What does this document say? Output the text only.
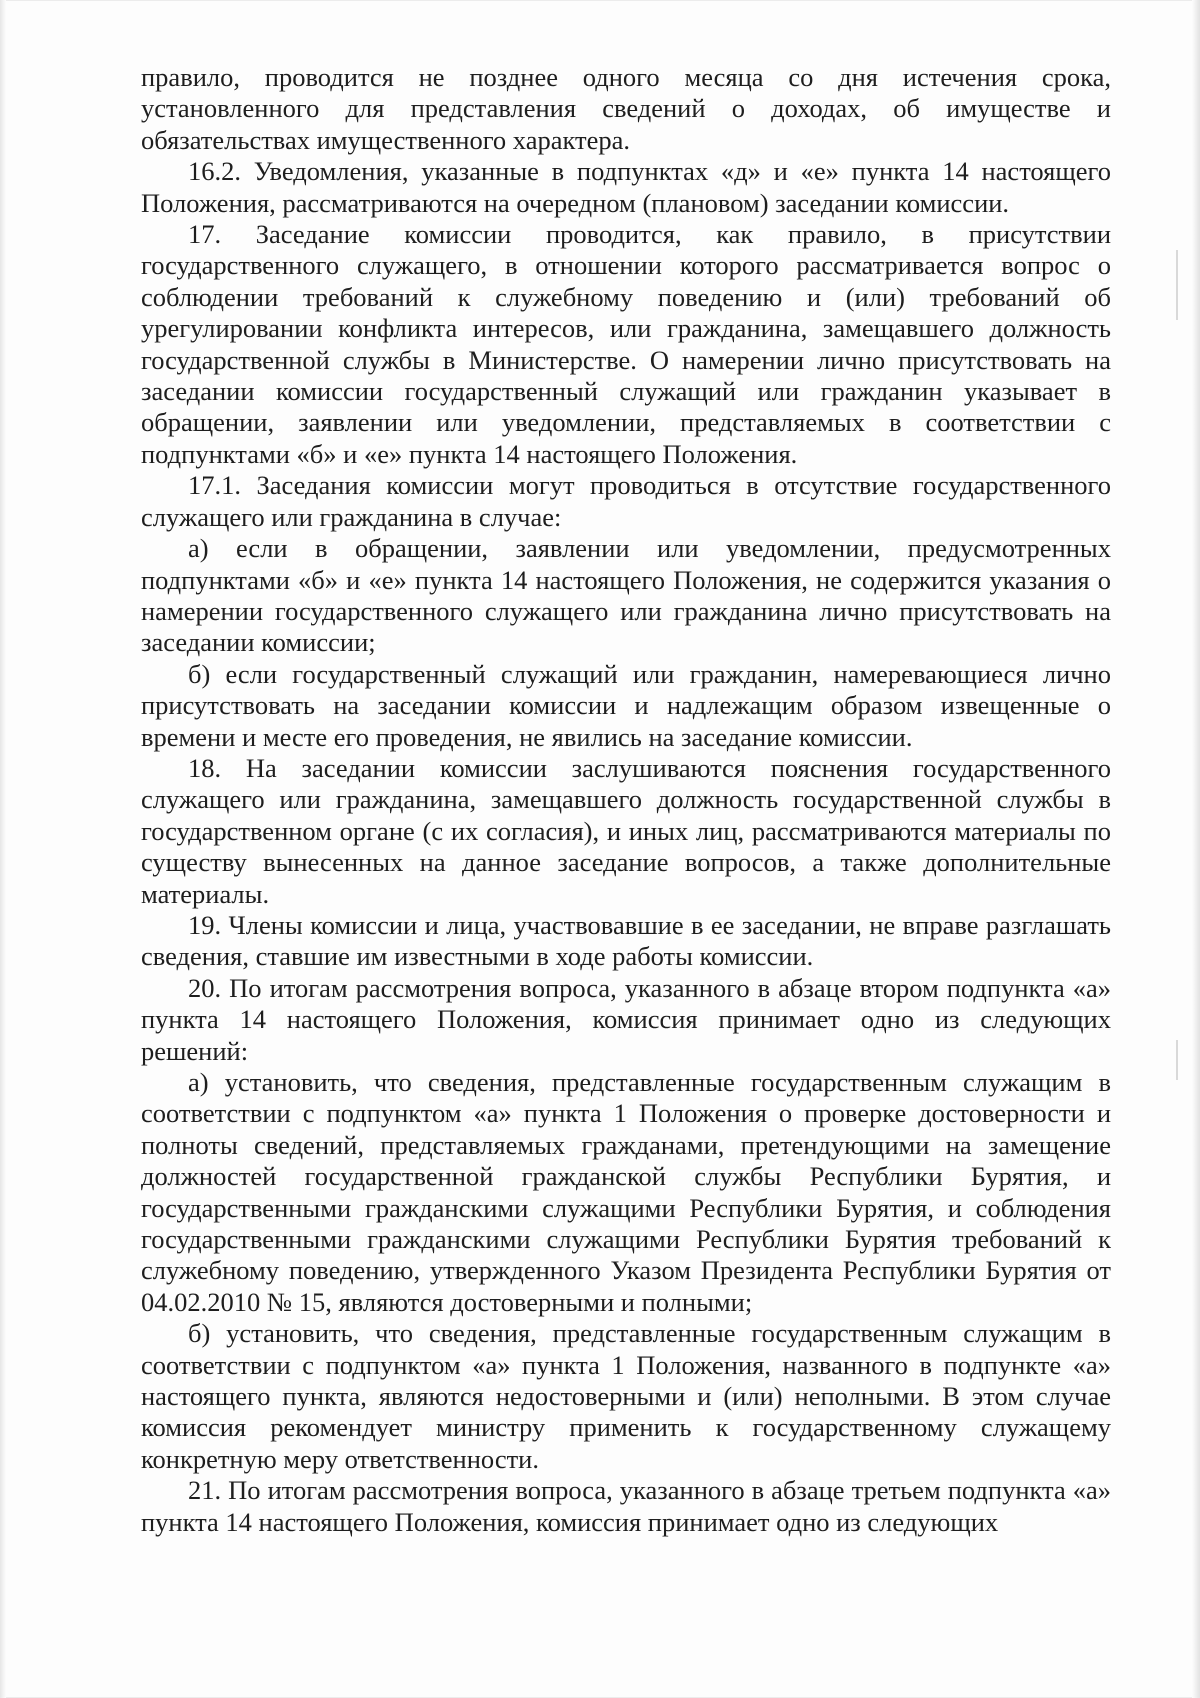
правило, проводится не позднее одного месяца со дня истечения срока, установленного для представления сведений о доходах, об имуществе и обязательствах имущественного характера.

16.2. Уведомления, указанные в подпунктах «д» и «е» пункта 14 настоящего Положения, рассматриваются на очередном (плановом) заседании комиссии.

17. Заседание комиссии проводится, как правило, в присутствии государственного служащего, в отношении которого рассматривается вопрос о соблюдении требований к служебному поведению и (или) требований об урегулировании конфликта интересов, или гражданина, замещавшего должность государственной службы в Министерстве. О намерении лично присутствовать на заседании комиссии государственный служащий или гражданин указывает в обращении, заявлении или уведомлении, представляемых в соответствии с подпунктами «б» и «е» пункта 14 настоящего Положения.

17.1. Заседания комиссии могут проводиться в отсутствие государственного служащего или гражданина в случае:

а) если в обращении, заявлении или уведомлении, предусмотренных подпунктами «б» и «е» пункта 14 настоящего Положения, не содержится указания о намерении государственного служащего или гражданина лично присутствовать на заседании комиссии;

б) если государственный служащий или гражданин, намеревающиеся лично присутствовать на заседании комиссии и надлежащим образом извещенные о времени и месте его проведения, не явились на заседание комиссии.

18. На заседании комиссии заслушиваются пояснения государственного служащего или гражданина, замещавшего должность государственной службы в государственном органе (с их согласия), и иных лиц, рассматриваются материалы по существу вынесенных на данное заседание вопросов, а также дополнительные материалы.

19. Члены комиссии и лица, участвовавшие в ее заседании, не вправе разглашать сведения, ставшие им известными в ходе работы комиссии.

20. По итогам рассмотрения вопроса, указанного в абзаце втором подпункта «а» пункта 14 настоящего Положения, комиссия принимает одно из следующих решений:

а) установить, что сведения, представленные государственным служащим в соответствии с подпунктом «а» пункта 1 Положения о проверке достоверности и полноты сведений, представляемых гражданами, претендующими на замещение должностей государственной гражданской службы Республики Бурятия, и государственными гражданскими служащими Республики Бурятия, и соблюдения государственными гражданскими служащими Республики Бурятия требований к служебному поведению, утвержденного Указом Президента Республики Бурятия от 04.02.2010 № 15, являются достоверными и полными;

б) установить, что сведения, представленные государственным служащим в соответствии с подпунктом «а» пункта 1 Положения, названного в подпункте «а» настоящего пункта, являются недостоверными и (или) неполными. В этом случае комиссия рекомендует министру применить к государственному служащему конкретную меру ответственности.

21. По итогам рассмотрения вопроса, указанного в абзаце третьем подпункта «а» пункта 14 настоящего Положения, комиссия принимает одно из следующих
